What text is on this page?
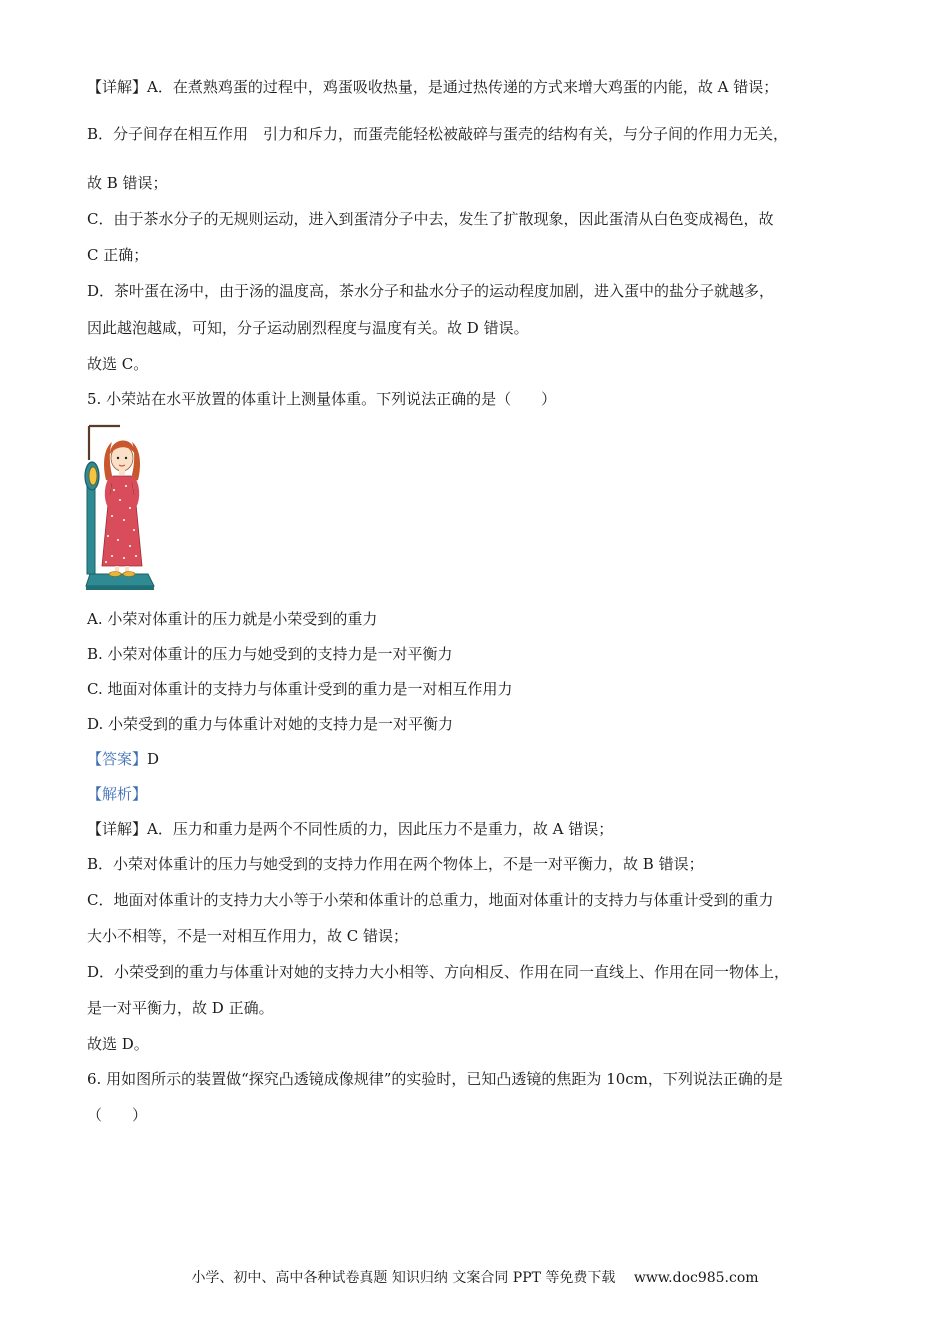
【详解】A．在煮熟鸡蛋的过程中，鸡蛋吸收热量，是通过热传递的方式来增大鸡蛋的内能，故 A 错误；
B．分子间存在相互作用　引力和斥力，而蛋壳能轻松被敲碎与蛋壳的结构有关，与分子间的作用力无关，
故 B 错误；
C．由于茶水分子的无规则运动，进入到蛋清分子中去，发生了扩散现象，因此蛋清从白色变成褐色，故
C 正确；
D．茶叶蛋在汤中，由于汤的温度高，茶水分子和盐水分子的运动程度加剧，进入蛋中的盐分子就越多，
因此越泡越咸，可知，分子运动剧烈程度与温度有关。故 D 错误。
故选 C。
5. 小荣站在水平放置的体重计上测量体重。下列说法正确的是（　　）
A. 小荣对体重计的压力就是小荣受到的重力
B. 小荣对体重计的压力与她受到的支持力是一对平衡力
C. 地面对体重计的支持力与体重计受到的重力是一对相互作用力
D. 小荣受到的重力与体重计对她的支持力是一对平衡力
【答案】D
【解析】
【详解】A．压力和重力是两个不同性质的力，因此压力不是重力，故 A 错误；
B．小荣对体重计的压力与她受到的支持力作用在两个物体上，不是一对平衡力，故 B 错误；
C．地面对体重计的支持力大小等于小荣和体重计的总重力，地面对体重计的支持力与体重计受到的重力
大小不相等，不是一对相互作用力，故 C 错误；
D．小荣受到的重力与体重计对她的支持力大小相等、方向相反、作用在同一直线上、作用在同一物体上，
是一对平衡力，故 D 正确。
故选 D。
6. 用如图所示的装置做“探究凸透镜成像规律”的实验时，已知凸透镜的焦距为 10cm，下列说法正确的是
（　　）
小学、初中、高中各种试卷真题 知识归纳 文案合同 PPT 等免费下载　 www.doc985.com
